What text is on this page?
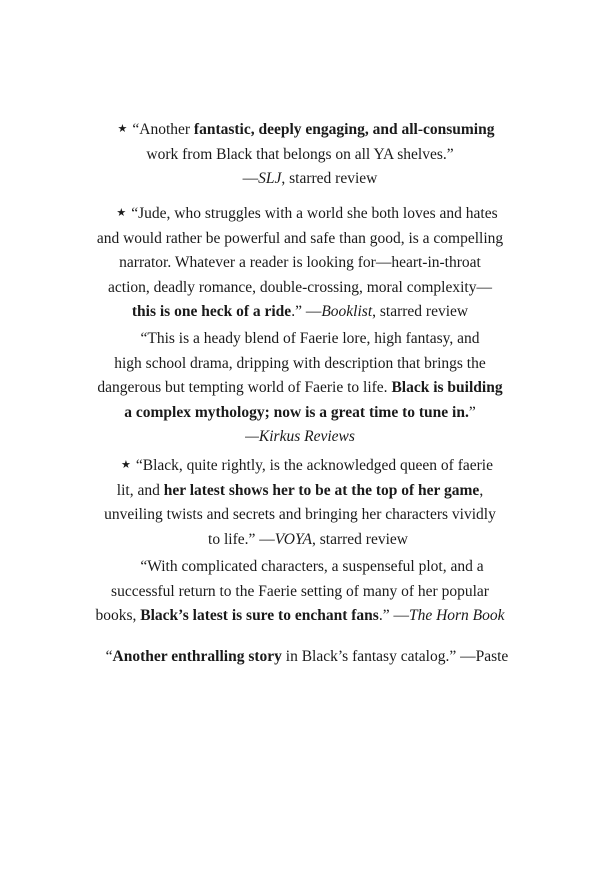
★ “Another fantastic, deeply engaging, and all-consuming
work from Black that belongs on all YA shelves.”
—SLJ, starred review
★ “Jude, who struggles with a world she both loves and hates
and would rather be powerful and safe than good, is a compelling
narrator. Whatever a reader is looking for—heart-in-throat
action, deadly romance, double-crossing, moral complexity—
this is one heck of a ride.” —Booklist, starred review
“This is a heady blend of Faerie lore, high fantasy, and
high school drama, dripping with description that brings the
dangerous but tempting world of Faerie to life. Black is building
a complex mythology; now is a great time to tune in.”
—Kirkus Reviews
★ “Black, quite rightly, is the acknowledged queen of faerie
lit, and her latest shows her to be at the top of her game,
unveiling twists and secrets and bringing her characters vividly
to life.” —VOYA, starred review
“With complicated characters, a suspenseful plot, and a
successful return to the Faerie setting of many of her popular
books, Black’s latest is sure to enchant fans.” —The Horn Book
“Another enthralling story in Black’s fantasy catalog.” —Paste
